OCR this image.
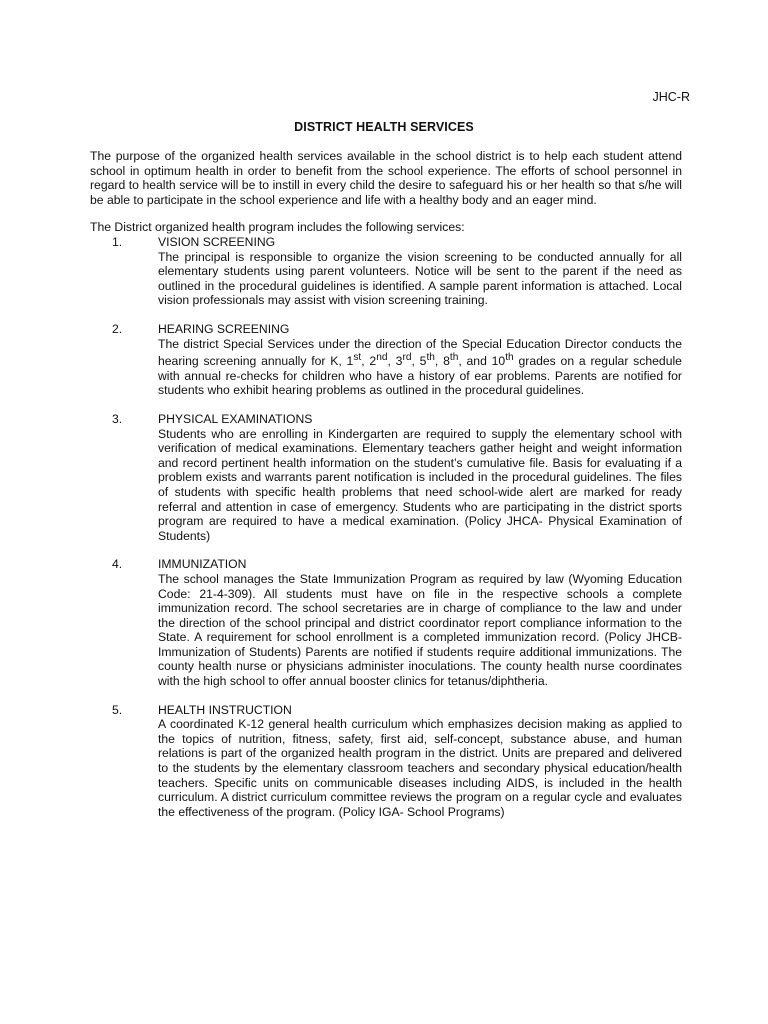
JHC-R
DISTRICT HEALTH SERVICES

The purpose of the organized health services available in the school district is to help each student attend school in optimum health in order to benefit from the school experience. The efforts of school personnel in regard to health service will be to instill in every child the desire to safeguard his or her health so that s/he will be able to participate in the school experience and life with a healthy body and an eager mind.

The District organized health program includes the following services:

1.	VISION SCREENING
The principal is responsible to organize the vision screening to be conducted annually for all elementary students using parent volunteers. Notice will be sent to the parent if the need as outlined in the procedural guidelines is identified. A sample parent information is attached. Local vision professionals may assist with vision screening training.
2.	HEARING SCREENING
The district Special Services under the direction of the Special Education Director conducts the hearing screening annually for K, 1st, 2nd, 3rd, 5th, 8th, and 10th grades on a regular schedule with annual re-checks for children who have a history of ear problems. Parents are notified for students who exhibit hearing problems as outlined in the procedural guidelines.
3.	PHYSICAL EXAMINATIONS
Students who are enrolling in Kindergarten are required to supply the elementary school with verification of medical examinations. Elementary teachers gather height and weight information and record pertinent health information on the student’s cumulative file. Basis for evaluating if a problem exists and warrants parent notification is included in the procedural guidelines. The files of students with specific health problems that need school-wide alert are marked for ready referral and attention in case of emergency. Students who are participating in the district sports program are required to have a medical examination. (Policy JHCA- Physical Examination of Students)
4.	IMMUNIZATION
The school manages the State Immunization Program as required by law (Wyoming Education Code: 21-4-309). All students must have on file in the respective schools a complete immunization record. The school secretaries are in charge of compliance to the law and under the direction of the school principal and district coordinator report compliance information to the State. A requirement for school enrollment is a completed immunization record. (Policy JHCB- Immunization of Students) Parents are notified if students require additional immunizations. The county health nurse or physicians administer inoculations. The county health nurse coordinates with the high school to offer annual booster clinics for tetanus/diphtheria.
5.	HEALTH INSTRUCTION
A coordinated K-12 general health curriculum which emphasizes decision making as applied to the topics of nutrition, fitness, safety, first aid, self-concept, substance abuse, and human relations is part of the organized health program in the district. Units are prepared and delivered to the students by the elementary classroom teachers and secondary physical education/health teachers. Specific units on communicable diseases including AIDS, is included in the health curriculum. A district curriculum committee reviews the program on a regular cycle and evaluates the effectiveness of the program. (Policy IGA- School Programs)
